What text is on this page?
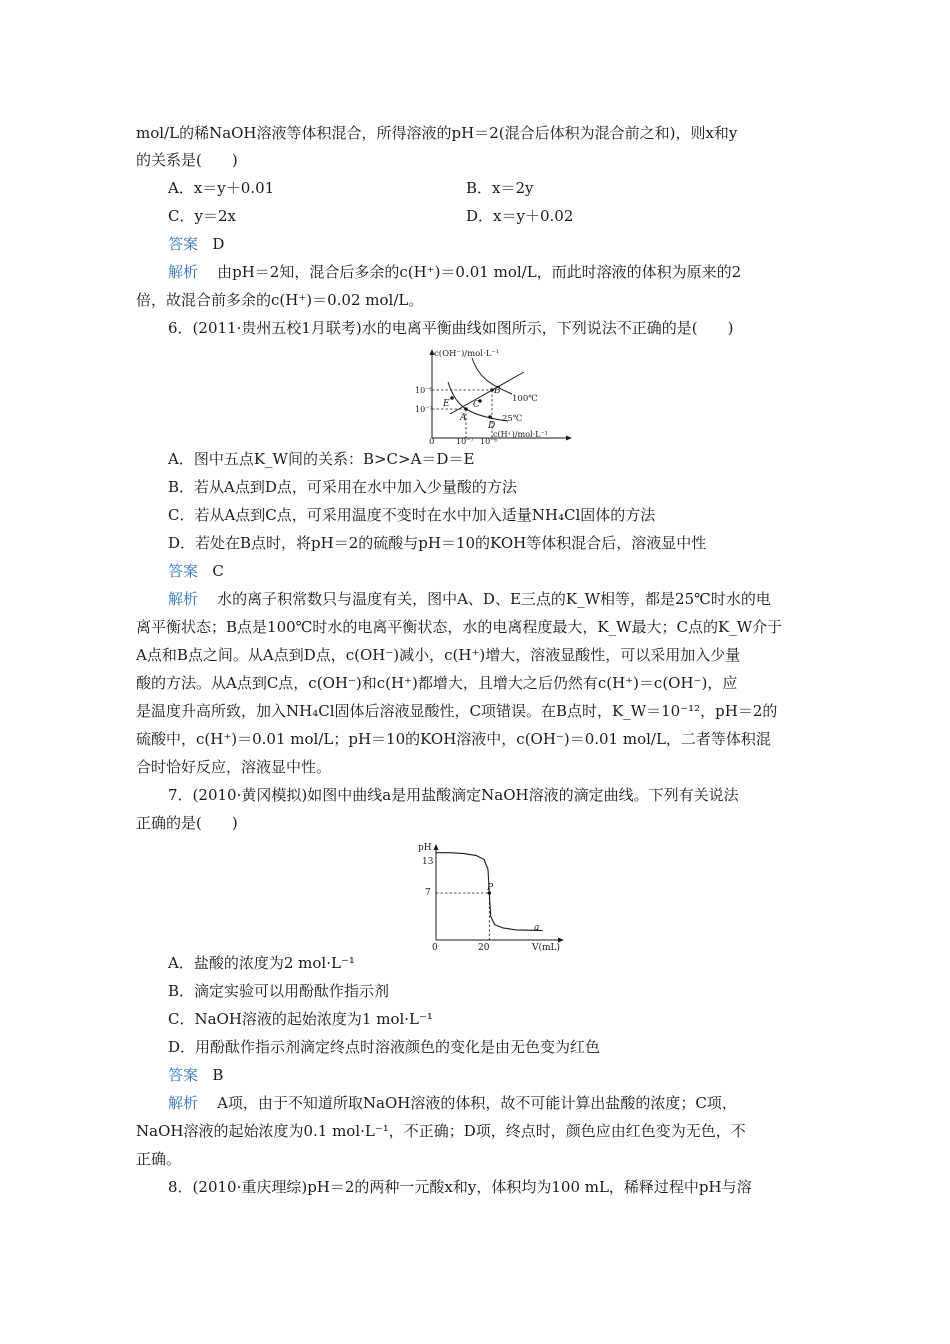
mol/L的稀NaOH溶液等体积混合，所得溶液的pH＝2(混合后体积为混合前之和)，则x和y
的关系是(　　)
A．x＝y＋0.01	B．x＝2y
C．y＝2x	D．x＝y＋0.02
答案 D
解析 由pH＝2知，混合后多余的c(H⁺)＝0.01 mol/L，而此时溶液的体积为原来的2
倍，故混合前多余的c(H⁺)＝0.02 mol/L。
6．(2011·贵州五校1月联考)水的电离平衡曲线如图所示，下列说法不正确的是(　　)
c(OH⁻)/mol·L⁻¹
c(H⁺)/mol·L⁻¹
0
10⁻⁶
10⁻⁷
10⁻⁷ 10⁻⁶
100℃
25℃
A
B
C
D
E
A．图中五点K_W间的关系：B>C>A＝D＝E
B．若从A点到D点，可采用在水中加入少量酸的方法
C．若从A点到C点，可采用温度不变时在水中加入适量NH₄Cl固体的方法
D．若处在B点时，将pH＝2的硫酸与pH＝10的KOH等体积混合后，溶液显中性
答案 C
解析 水的离子积常数只与温度有关，图中A、D、E三点的K_W相等，都是25℃时水的电
离平衡状态；B点是100℃时水的电离平衡状态，水的电离程度最大，K_W最大；C点的K_W介于
A点和B点之间。从A点到D点，c(OH⁻)减小，c(H⁺)增大，溶液显酸性，可以采用加入少量
酸的方法。从A点到C点，c(OH⁻)和c(H⁺)都增大，且增大之后仍然有c(H⁺)＝c(OH⁻)，应
是温度升高所致，加入NH₄Cl固体后溶液显酸性，C项错误。在B点时，K_W＝10⁻¹²，pH＝2的
硫酸中，c(H⁺)＝0.01 mol/L；pH＝10的KOH溶液中，c(OH⁻)＝0.01 mol/L，二者等体积混
合时恰好反应，溶液显中性。
7．(2010·黄冈模拟)如图中曲线a是用盐酸滴定NaOH溶液的滴定曲线。下列有关说法
正确的是(　　)
pH
V(mL)
0
13
7
20
P
a
A．盐酸的浓度为2 mol·L⁻¹
B．滴定实验可以用酚酞作指示剂
C．NaOH溶液的起始浓度为1 mol·L⁻¹
D．用酚酞作指示剂滴定终点时溶液颜色的变化是由无色变为红色
答案 B
解析 A项，由于不知道所取NaOH溶液的体积，故不可能计算出盐酸的浓度；C项，
NaOH溶液的起始浓度为0.1 mol·L⁻¹，不正确；D项，终点时，颜色应由红色变为无色，不
正确。
8．(2010·重庆理综)pH＝2的两种一元酸x和y，体积均为100 mL，稀释过程中pH与溶
